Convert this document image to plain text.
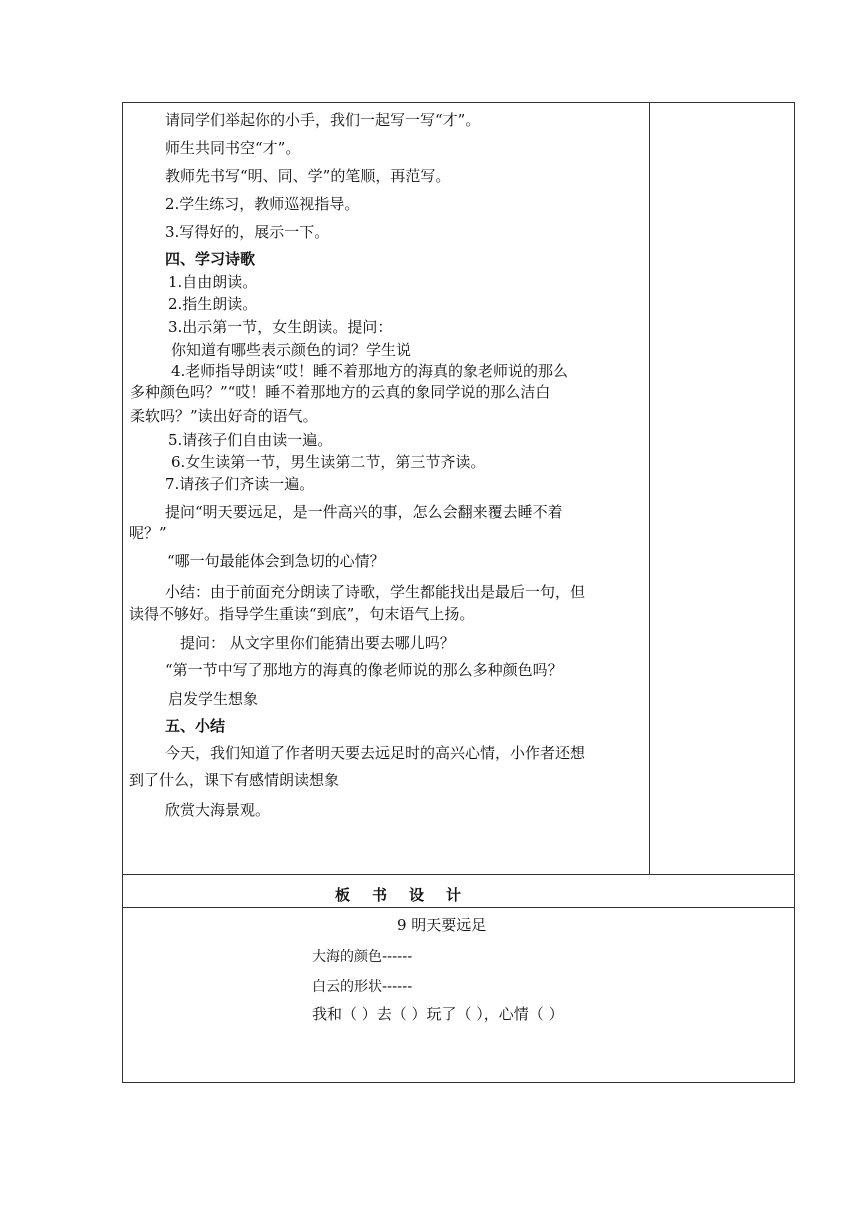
请同学们举起你的小手，我们一起写一写“才”。
师生共同书空“才”。
教师先书写“明、同、学”的笔顺，再范写。
2.学生练习，教师巡视指导。
3.写得好的，展示一下。
四、学习诗歌
1.自由朗读。
2.指生朗读。
3.出示第一节，女生朗读。提问：
你知道有哪些表示颜色的词？学生说
4.老师指导朗读“哎！睡不着那地方的海真的象老师说的那么
多种颜色吗？”“哎！睡不着那地方的云真的象同学说的那么洁白
柔软吗？”读出好奇的语气。
5.请孩子们自由读一遍。
6.女生读第一节，男生读第二节，第三节齐读。
7.请孩子们齐读一遍。
提问“明天要远足，是一件高兴的事，怎么会翻来覆去睡不着
呢？”
“哪一句最能体会到急切的心情？
小结：由于前面充分朗读了诗歌，学生都能找出是最后一句，但
读得不够好。指导学生重读“到底”，句末语气上扬。
提问： 从文字里你们能猜出要去哪儿吗？
“第一节中写了那地方的海真的像老师说的那么多种颜色吗？
启发学生想象
五、小结
今天，我们知道了作者明天要去远足时的高兴心情，小作者还想
到了什么，课下有感情朗读想象
欣赏大海景观。
板书设计
9 明天要远足
大海的颜色------
白云的形状------
我和（ ）去（ ）玩了（ ），心情（ ）
